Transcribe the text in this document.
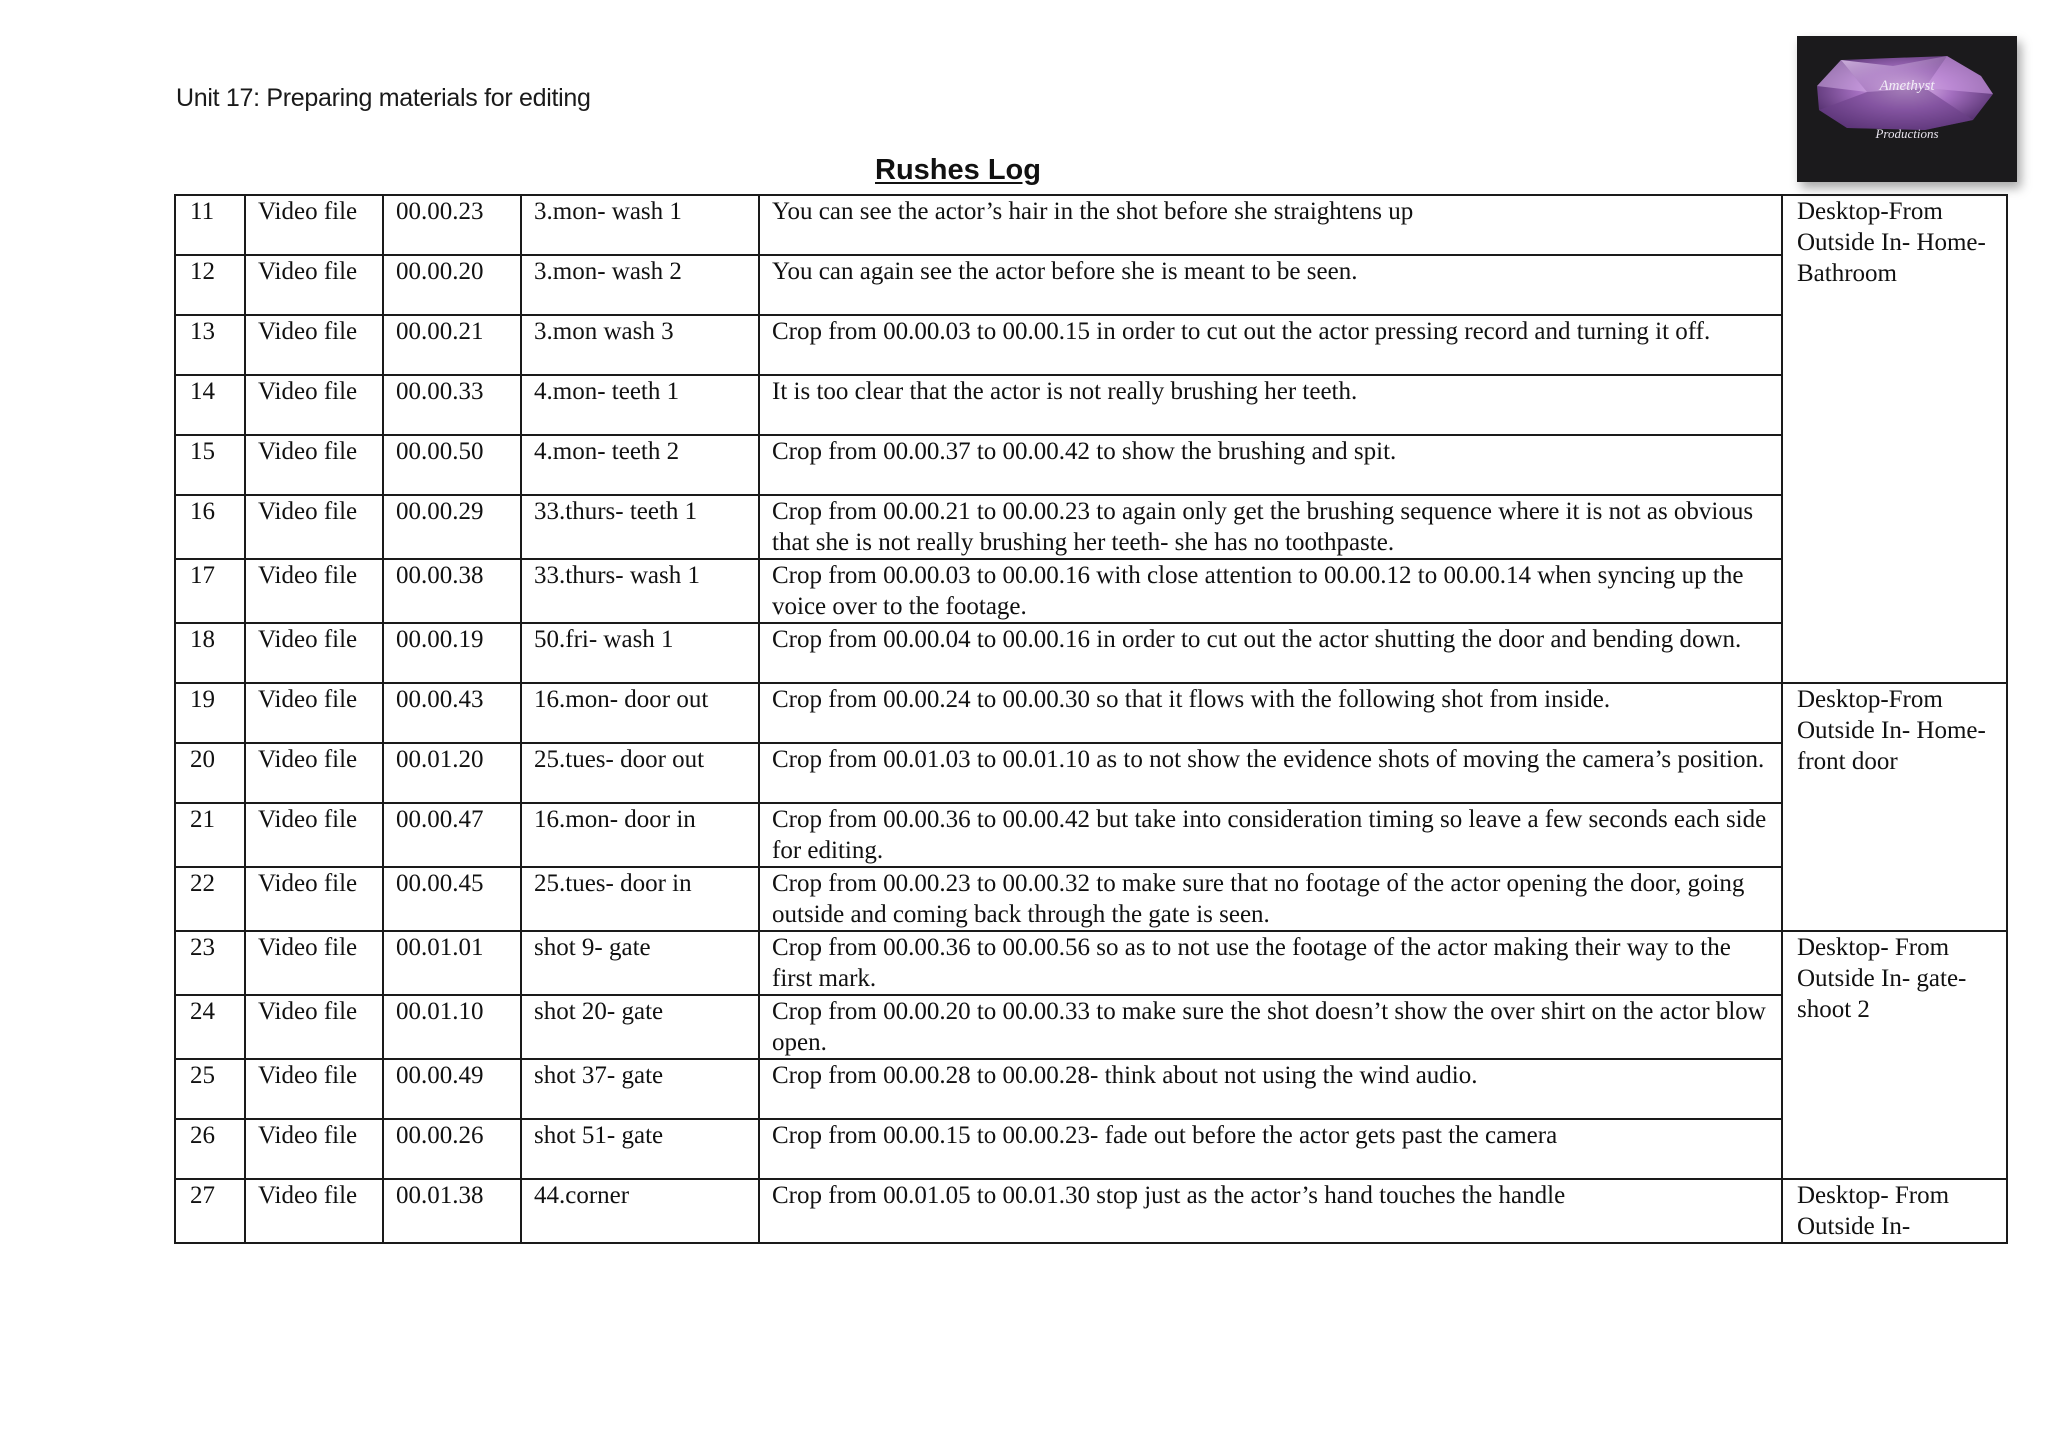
Unit 17: Preparing materials for editing	Amethyst
Productions
Rushes Log
11	Video file	00.00.23	3.mon- wash 1	You can see the actor’s hair in the shot before she straightens up	Desktop-From Outside In- Home- Bathroom
12	Video file	00.00.20	3.mon- wash 2	You can again see the actor before she is meant to be seen.	
13	Video file	00.00.21	3.mon wash 3	Crop from 00.00.03 to 00.00.15 in order to cut out the actor pressing record and turning it off.	
14	Video file	00.00.33	4.mon- teeth 1	It is too clear that the actor is not really brushing her teeth.	
15	Video file	00.00.50	4.mon- teeth 2	Crop from 00.00.37 to 00.00.42 to show the brushing and spit.	
16	Video file	00.00.29	33.thurs- teeth 1	Crop from 00.00.21 to 00.00.23 to again only get the brushing sequence where it is not as obvious that she is not really brushing her teeth- she has no toothpaste.	
17	Video file	00.00.38	33.thurs- wash 1	Crop from 00.00.03 to 00.00.16 with close attention to 00.00.12 to 00.00.14 when syncing up the voice over to the footage.	
18	Video file	00.00.19	50.fri- wash 1	Crop from 00.00.04 to 00.00.16 in order to cut out the actor shutting the door and bending down.	
19	Video file	00.00.43	16.mon- door out	Crop from 00.00.24 to 00.00.30 so that it flows with the following shot from inside.	Desktop-From Outside In- Home- front door
20	Video file	00.01.20	25.tues- door out	Crop from 00.01.03 to 00.01.10 as to not show the evidence shots of moving the camera’s position.	
21	Video file	00.00.47	16.mon- door in	Crop from 00.00.36 to 00.00.42 but take into consideration timing so leave a few seconds each side for editing.	
22	Video file	00.00.45	25.tues- door in	Crop from 00.00.23 to 00.00.32 to make sure that no footage of the actor opening the door, going outside and coming back through the gate is seen.	
23	Video file	00.01.01	shot 9- gate	Crop from 00.00.36 to 00.00.56 so as to not use the footage of the actor making their way to the first mark.	Desktop- From Outside In- gate- shoot 2
24	Video file	00.01.10	shot 20- gate	Crop from 00.00.20 to 00.00.33 to make sure the shot doesn’t show the over shirt on the actor blow open.	
25	Video file	00.00.49	shot 37- gate	Crop from 00.00.28 to 00.00.28- think about not using the wind audio.	
26	Video file	00.00.26	shot 51- gate	Crop from 00.00.15 to 00.00.23- fade out before the actor gets past the camera	
27	Video file	00.01.38	44.corner	Crop from 00.01.05 to 00.01.30 stop just as the actor’s hand touches the handle	Desktop- From Outside In-
